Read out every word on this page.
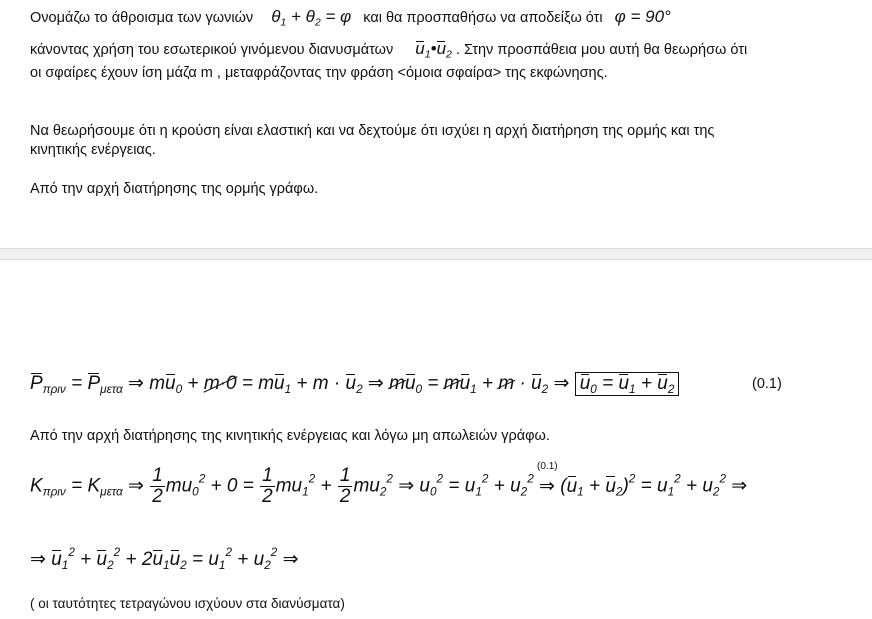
Ονομάζω το άθροισμα των γωνιών $\theta_1 + \theta_2 = \varphi$ και θα προσπαθήσω να αποδείξω ότι φ = 90°
κάνοντας χρήση του εσωτερικού γινόμενου διανυσμάτων $u_1•u_2$ . Στην προσπάθεια μου αυτή θα θεωρήσω ότι
οι σφαίρες έχουν ίση μάζα m , μεταφράζοντας την φράση <όμοια σφαίρα> της εκφώνησης.
Να θεωρήσουμε ότι η κρούση είναι ελαστική και να δεχτούμε ότι ισχύει η αρχή διατήρηση της ορμής και της
κινητικής ενέργειας.
Από την αρχή διατήρησης της ορμής γράφω.
$P_{\pi\rho\iota\nu} = P_{\mu\varepsilon\tau\alpha}$ ⇒ $mu_0 + m\cdot 0 = mu_1 + m \cdot u_2$ ⇒ $mu_0 = mu_1 + m \cdot u_2$ ⇒ $u_0 = u_1 + u_2$	(0.1)
Από την αρχή διατήρησης της κινητικής ενέργειας και λόγω μη απωλειών γράφω.
$K_{\pi\rho\iota\nu} = K_{\mu\varepsilon\tau\alpha}$ ⇒ $\frac{1}{2} mu_0^2 + 0 = \frac{1}{2} mu_1^2 + \frac{1}{2} mu_2^2$ ⇒ $u_0^2 = u_1^2 + u_2^2$ ⇒
(0.1)
$(u_1 + u_2)^2 = u_1^2 + u_2^2$ ⇒
⇒ $u_1^2 + u_2^2 + 2u_1u_2 = u_1^2 + u_2^2$ ⇒
( οι ταυτότητες τετραγώνου ισχύουν στα διανύσματα)
